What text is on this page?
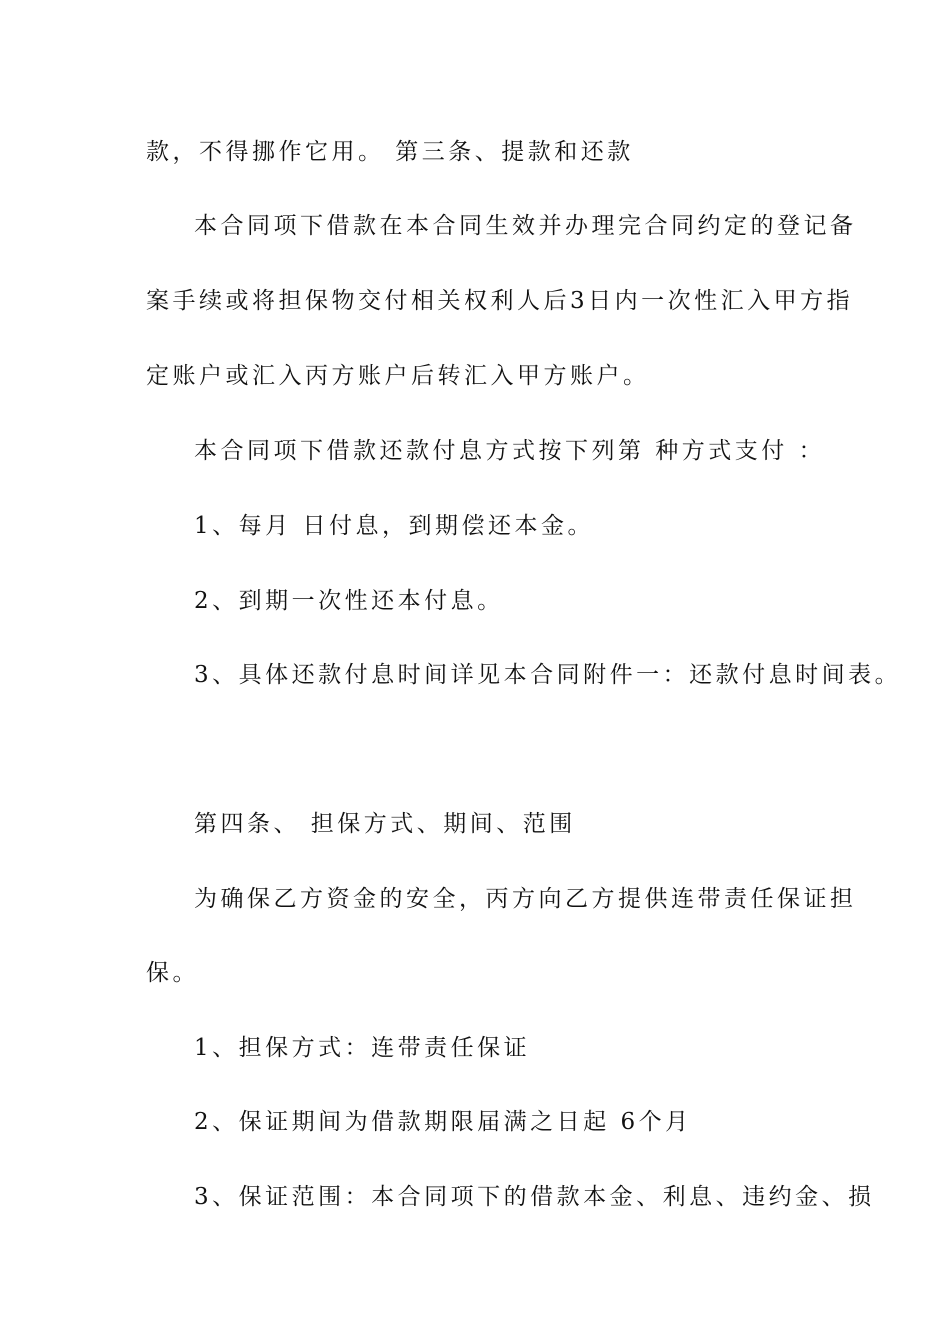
款，不得挪作它用。 第三条、提款和还款
本合同项下借款在本合同生效并办理完合同约定的登记备
案手续或将担保物交付相关权利人后3日内一次性汇入甲方指
定账户或汇入丙方账户后转汇入甲方账户。
本合同项下借款还款付息方式按下列第 种方式支付 ：
1、每月 日付息，到期偿还本金。
2、到期一次性还本付息。
3、具体还款付息时间详见本合同附件一：还款付息时间表。
第四条、 担保方式、期间、范围
为确保乙方资金的安全，丙方向乙方提供连带责任保证担
保。
1、担保方式：连带责任保证
2、保证期间为借款期限届满之日起 6个月
3、保证范围：本合同项下的借款本金、利息、违约金、损
